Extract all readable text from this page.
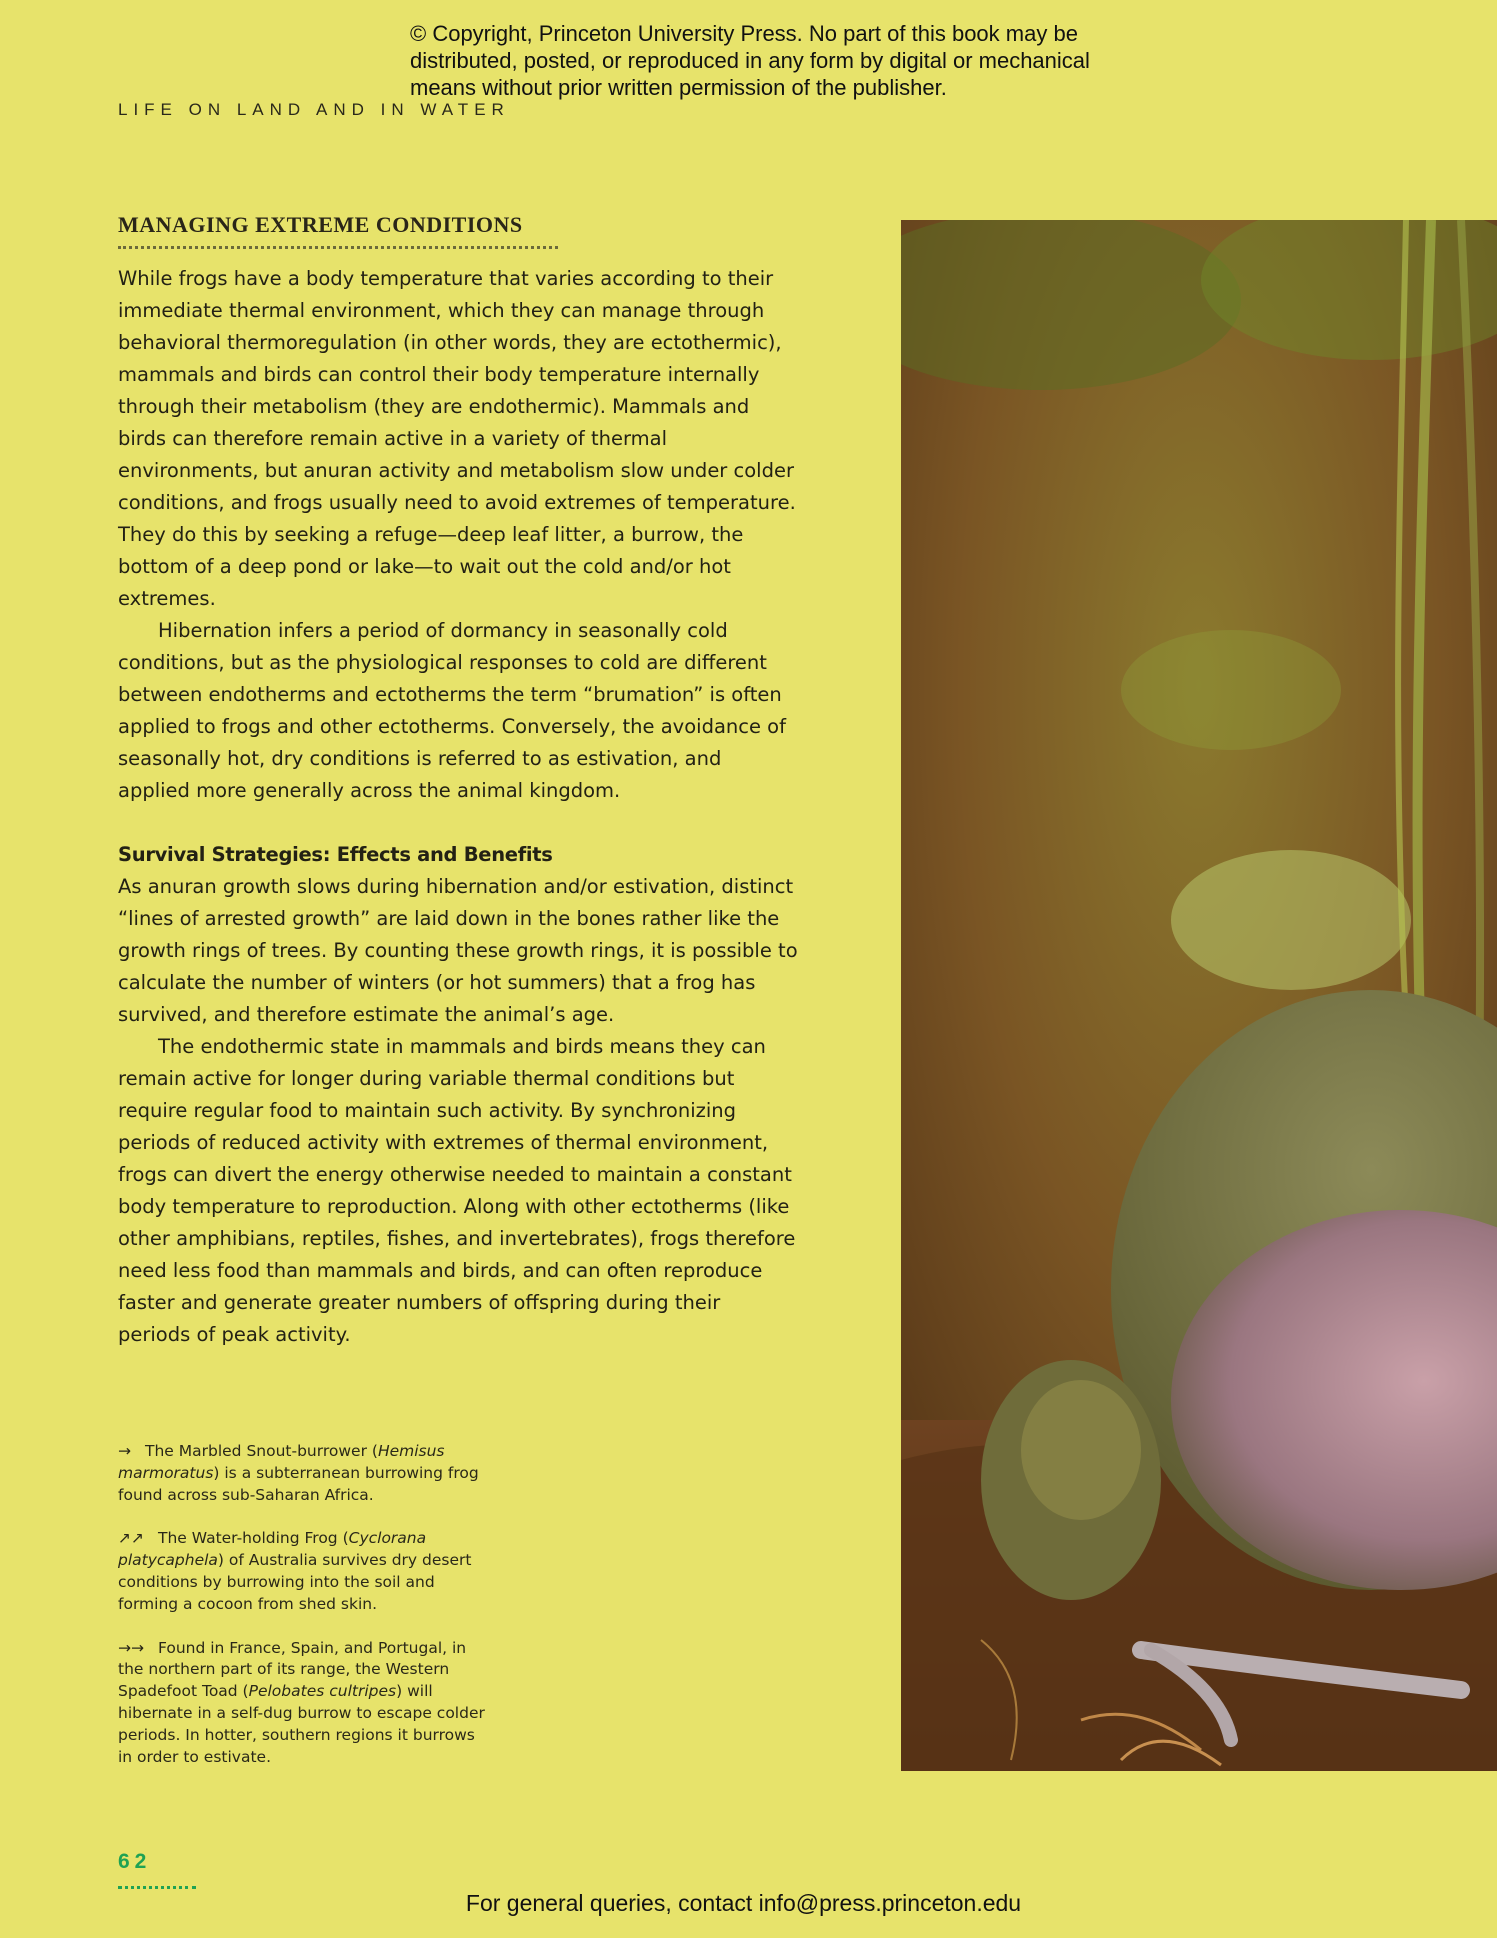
© Copyright, Princeton University Press. No part of this book may be
distributed, posted, or reproduced in any form by digital or mechanical
means without prior written permission of the publisher.
LIFE ON LAND AND IN WATER
MANAGING EXTREME CONDITIONS

While frogs have a body temperature that varies according to their immediate thermal environment, which they can manage through behavioral thermoregulation (in other words, they are ectothermic), mammals and birds can control their body temperature internally through their metabolism (they are endothermic). Mammals and birds can therefore remain active in a variety of thermal environments, but anuran activity and metabolism slow under colder conditions, and frogs usually need to avoid extremes of temperature. They do this by seeking a refuge—deep leaf litter, a burrow, the bottom of a deep pond or lake—to wait out the cold and/or hot extremes.

Hibernation infers a period of dormancy in seasonally cold conditions, but as the physiological responses to cold are different between endotherms and ectotherms the term “brumation” is often applied to frogs and other ectotherms. Conversely, the avoidance of seasonally hot, dry conditions is referred to as estivation, and applied more generally across the animal kingdom.

Survival Strategies: Effects and Benefits

As anuran growth slows during hibernation and/or estivation, distinct “lines of arrested growth” are laid down in the bones rather like the growth rings of trees. By counting these growth rings, it is possible to calculate the number of winters (or hot summers) that a frog has survived, and therefore estimate the animal’s age.

The endothermic state in mammals and birds means they can remain active for longer during variable thermal conditions but require regular food to maintain such activity. By synchronizing periods of reduced activity with extremes of thermal environment, frogs can divert the energy otherwise needed to maintain a constant body temperature to reproduction. Along with other ectotherms (like other amphibians, reptiles, fishes, and invertebrates), frogs therefore need less food than mammals and birds, and can often reproduce faster and generate greater numbers of offspring during their periods of peak activity.

→ The Marbled Snout-burrower (Hemisus marmoratus) is a subterranean burrowing frog found across sub-Saharan Africa.

↗↗ The Water-holding Frog (Cyclorana platycaphela) of Australia survives dry desert conditions by burrowing into the soil and forming a cocoon from shed skin.

→→ Found in France, Spain, and Portugal, in the northern part of its range, the Western Spadefoot Toad (Pelobates cultripes) will hibernate in a self-dug burrow to escape colder periods. In hotter, southern regions it burrows in order to estivate.

62
For general queries, contact info@press.princeton.edu
